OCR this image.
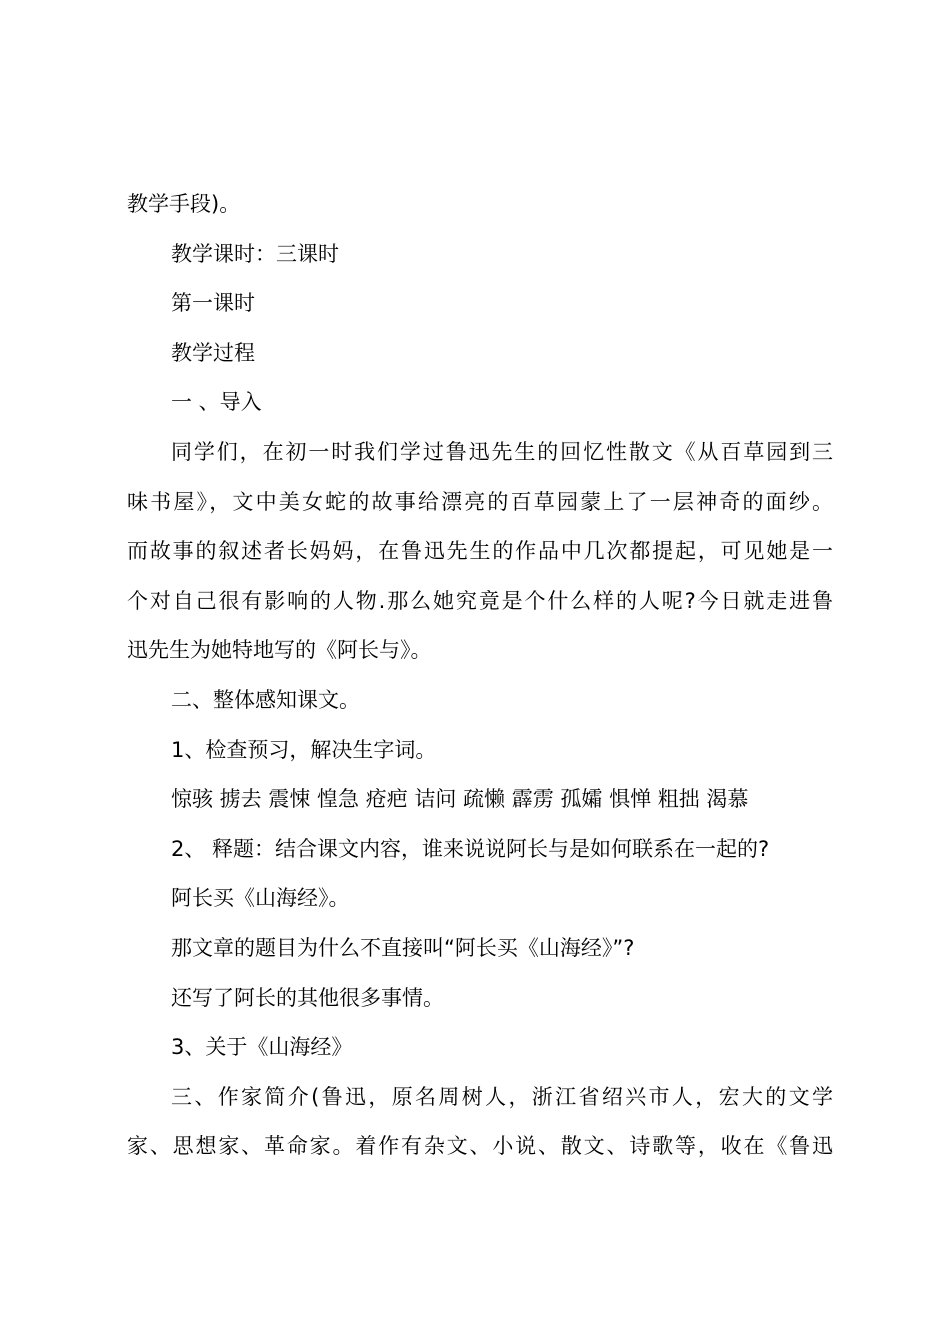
教学手段)。
教学课时：三课时
第一课时
教学过程
一 、导入
同学们，在初一时我们学过鲁迅先生的回忆性散文《从百草园到三
味书屋》，文中美女蛇的故事给漂亮的百草园蒙上了一层神奇的面纱。
而故事的叙述者长妈妈，在鲁迅先生的作品中几次都提起，可见她是一
个对自己很有影响的人物.那么她究竟是个什么样的人呢?今日就走进鲁
迅先生为她特地写的《阿长与》。
二、整体感知课文。
1、检查预习，解决生字词。
惊骇 掳去 震悚 惶急 疮疤 诘问 疏懒 霹雳 孤孀 惧惮 粗拙 渴慕
2、 释题：结合课文内容，谁来说说阿长与是如何联系在一起的?
阿长买《山海经》。
那文章的题目为什么不直接叫“阿长买《山海经》”?
还写了阿长的其他很多事情。
3、关于《山海经》
三、作家简介(鲁迅，原名周树人，浙江省绍兴市人，宏大的文学
家、思想家、革命家。着作有杂文、小说、散文、诗歌等，收在《鲁迅
